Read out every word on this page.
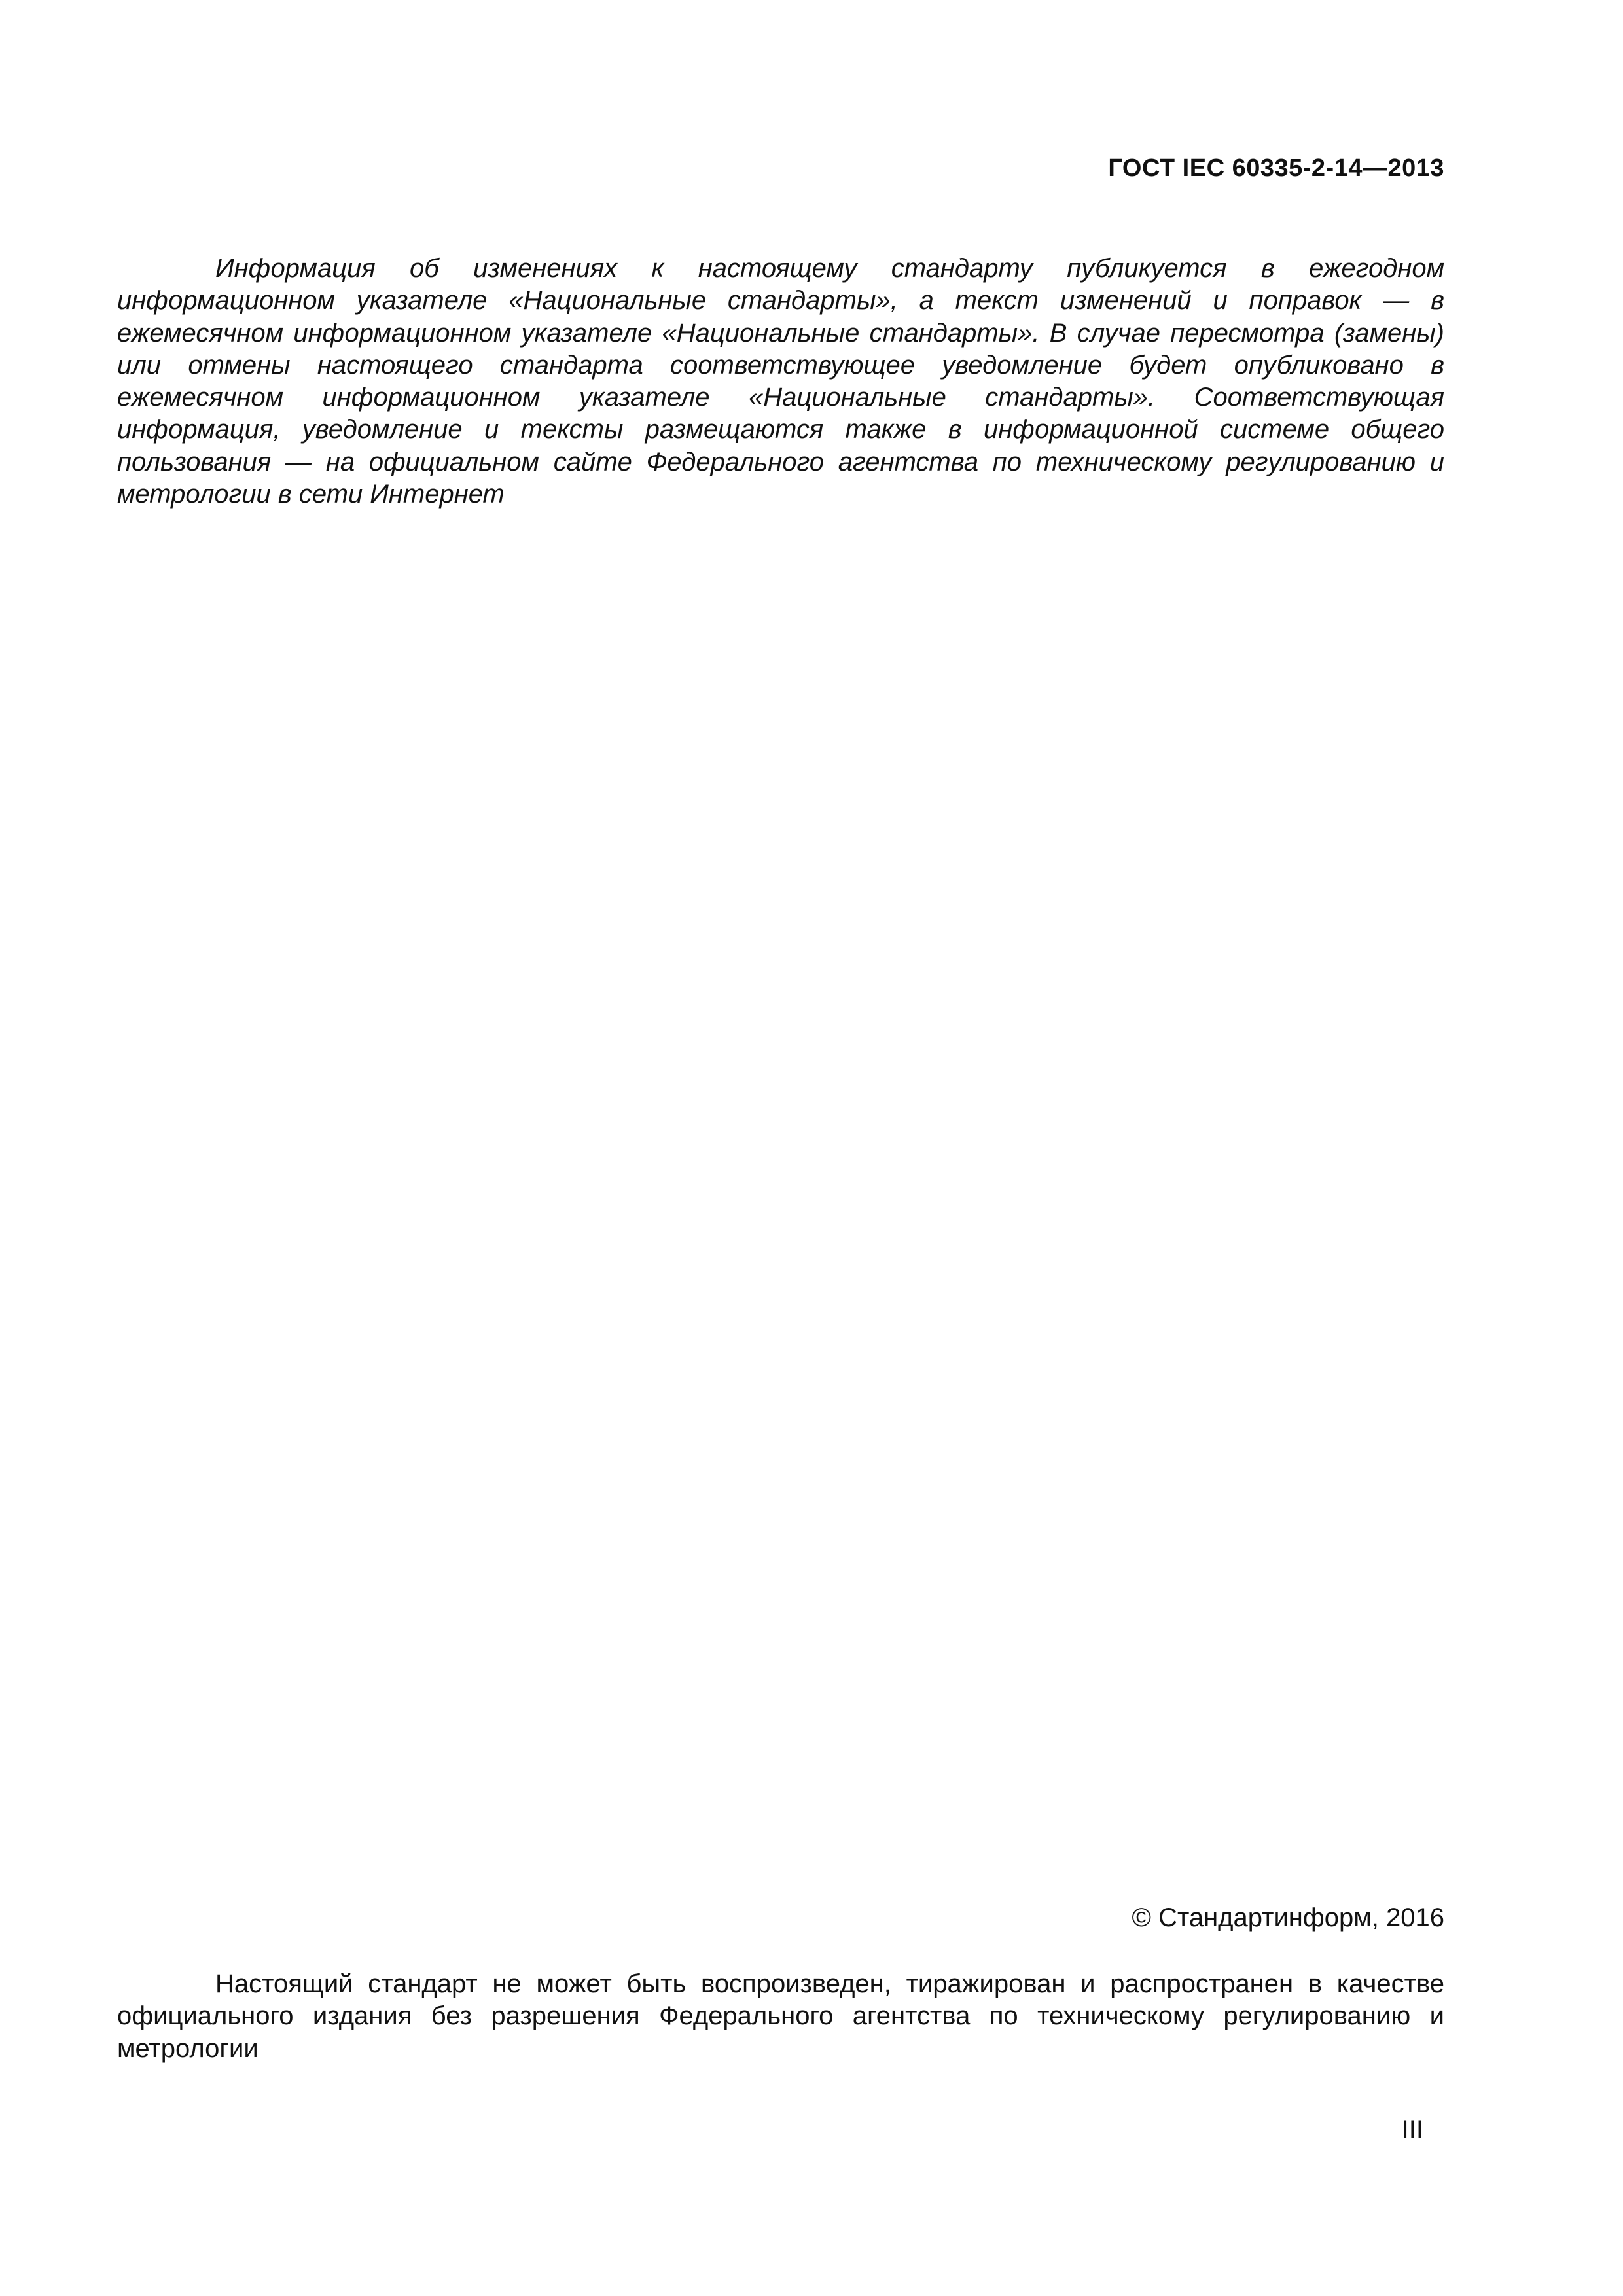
ГОСТ IEC 60335-2-14—2013

Информация об изменениях к настоящему стандарту публикуется в ежегодном информационном указателе «Национальные стандарты», а текст изменений и поправок — в ежемесячном информационном указателе «Национальные стандарты». В случае пересмотра (замены) или отмены настоящего стандарта соответствующее уведомление будет опубликовано в ежемесячном информационном указателе «Национальные стандарты». Соответствующая информация, уведомление и тексты размещаются также в информационной системе общего пользования — на официальном сайте Федерального агентства по техническому регулированию и метрологии в сети Интернет

© Стандартинформ, 2016

Настоящий стандарт не может быть воспроизведен, тиражирован и распространен в качестве официального издания без разрешения Федерального агентства по техническому регулированию и метрологии

III
